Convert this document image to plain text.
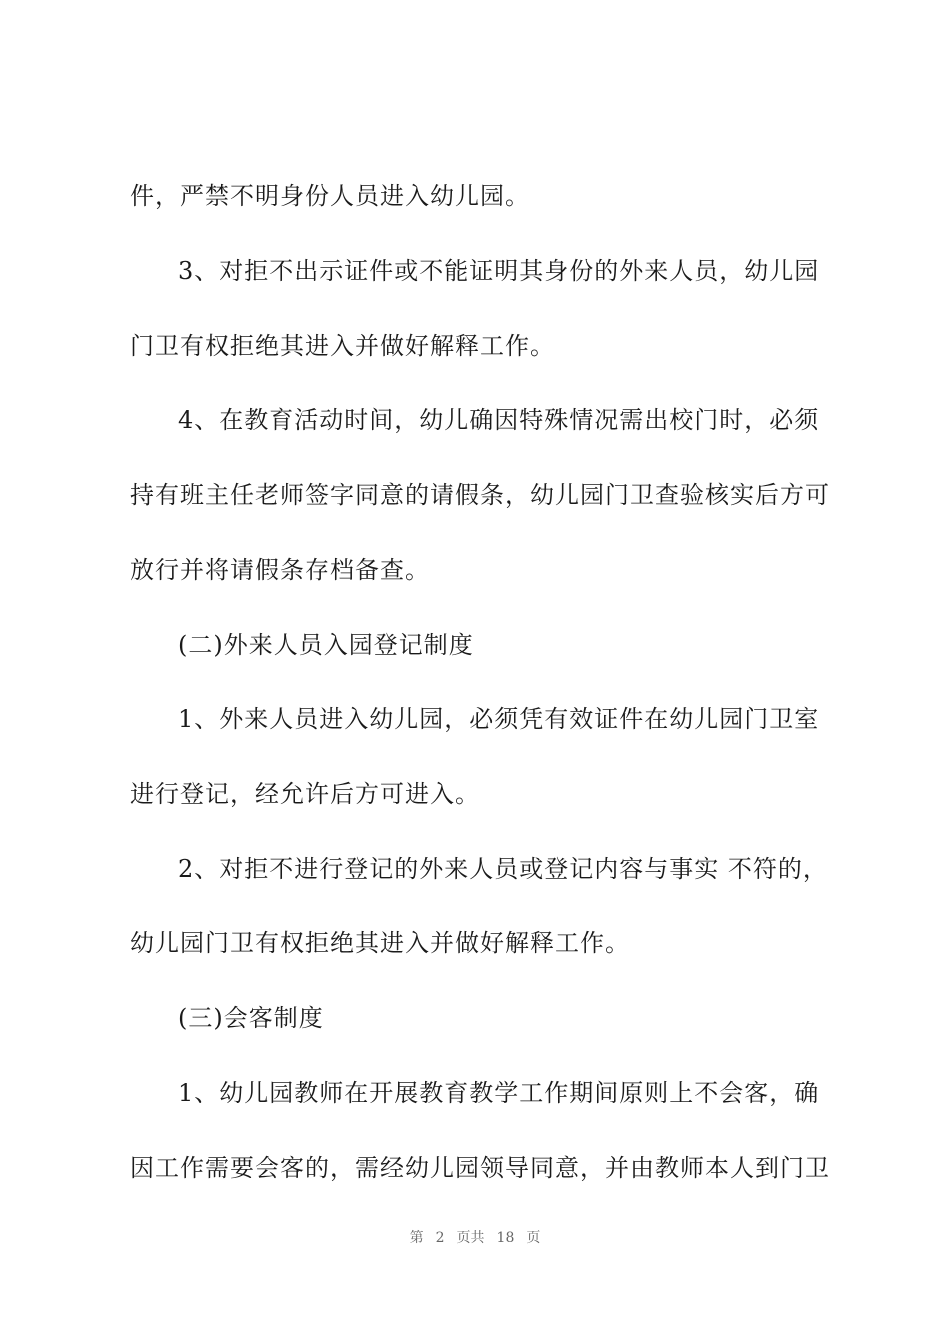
件，严禁不明身份人员进入幼儿园。
3、对拒不出示证件或不能证明其身份的外来人员，幼儿园
门卫有权拒绝其进入并做好解释工作。
4、在教育活动时间，幼儿确因特殊情况需出校门时，必须
持有班主任老师签字同意的请假条，幼儿园门卫查验核实后方可
放行并将请假条存档备查。
(二)外来人员入园登记制度
1、外来人员进入幼儿园，必须凭有效证件在幼儿园门卫室
进行登记，经允许后方可进入。
2、对拒不进行登记的外来人员或登记内容与事实 不符的，
幼儿园门卫有权拒绝其进入并做好解释工作。
(三)会客制度
1、幼儿园教师在开展教育教学工作期间原则上不会客，确
因工作需要会客的，需经幼儿园领导同意，并由教师本人到门卫
第 2 页共 18 页
